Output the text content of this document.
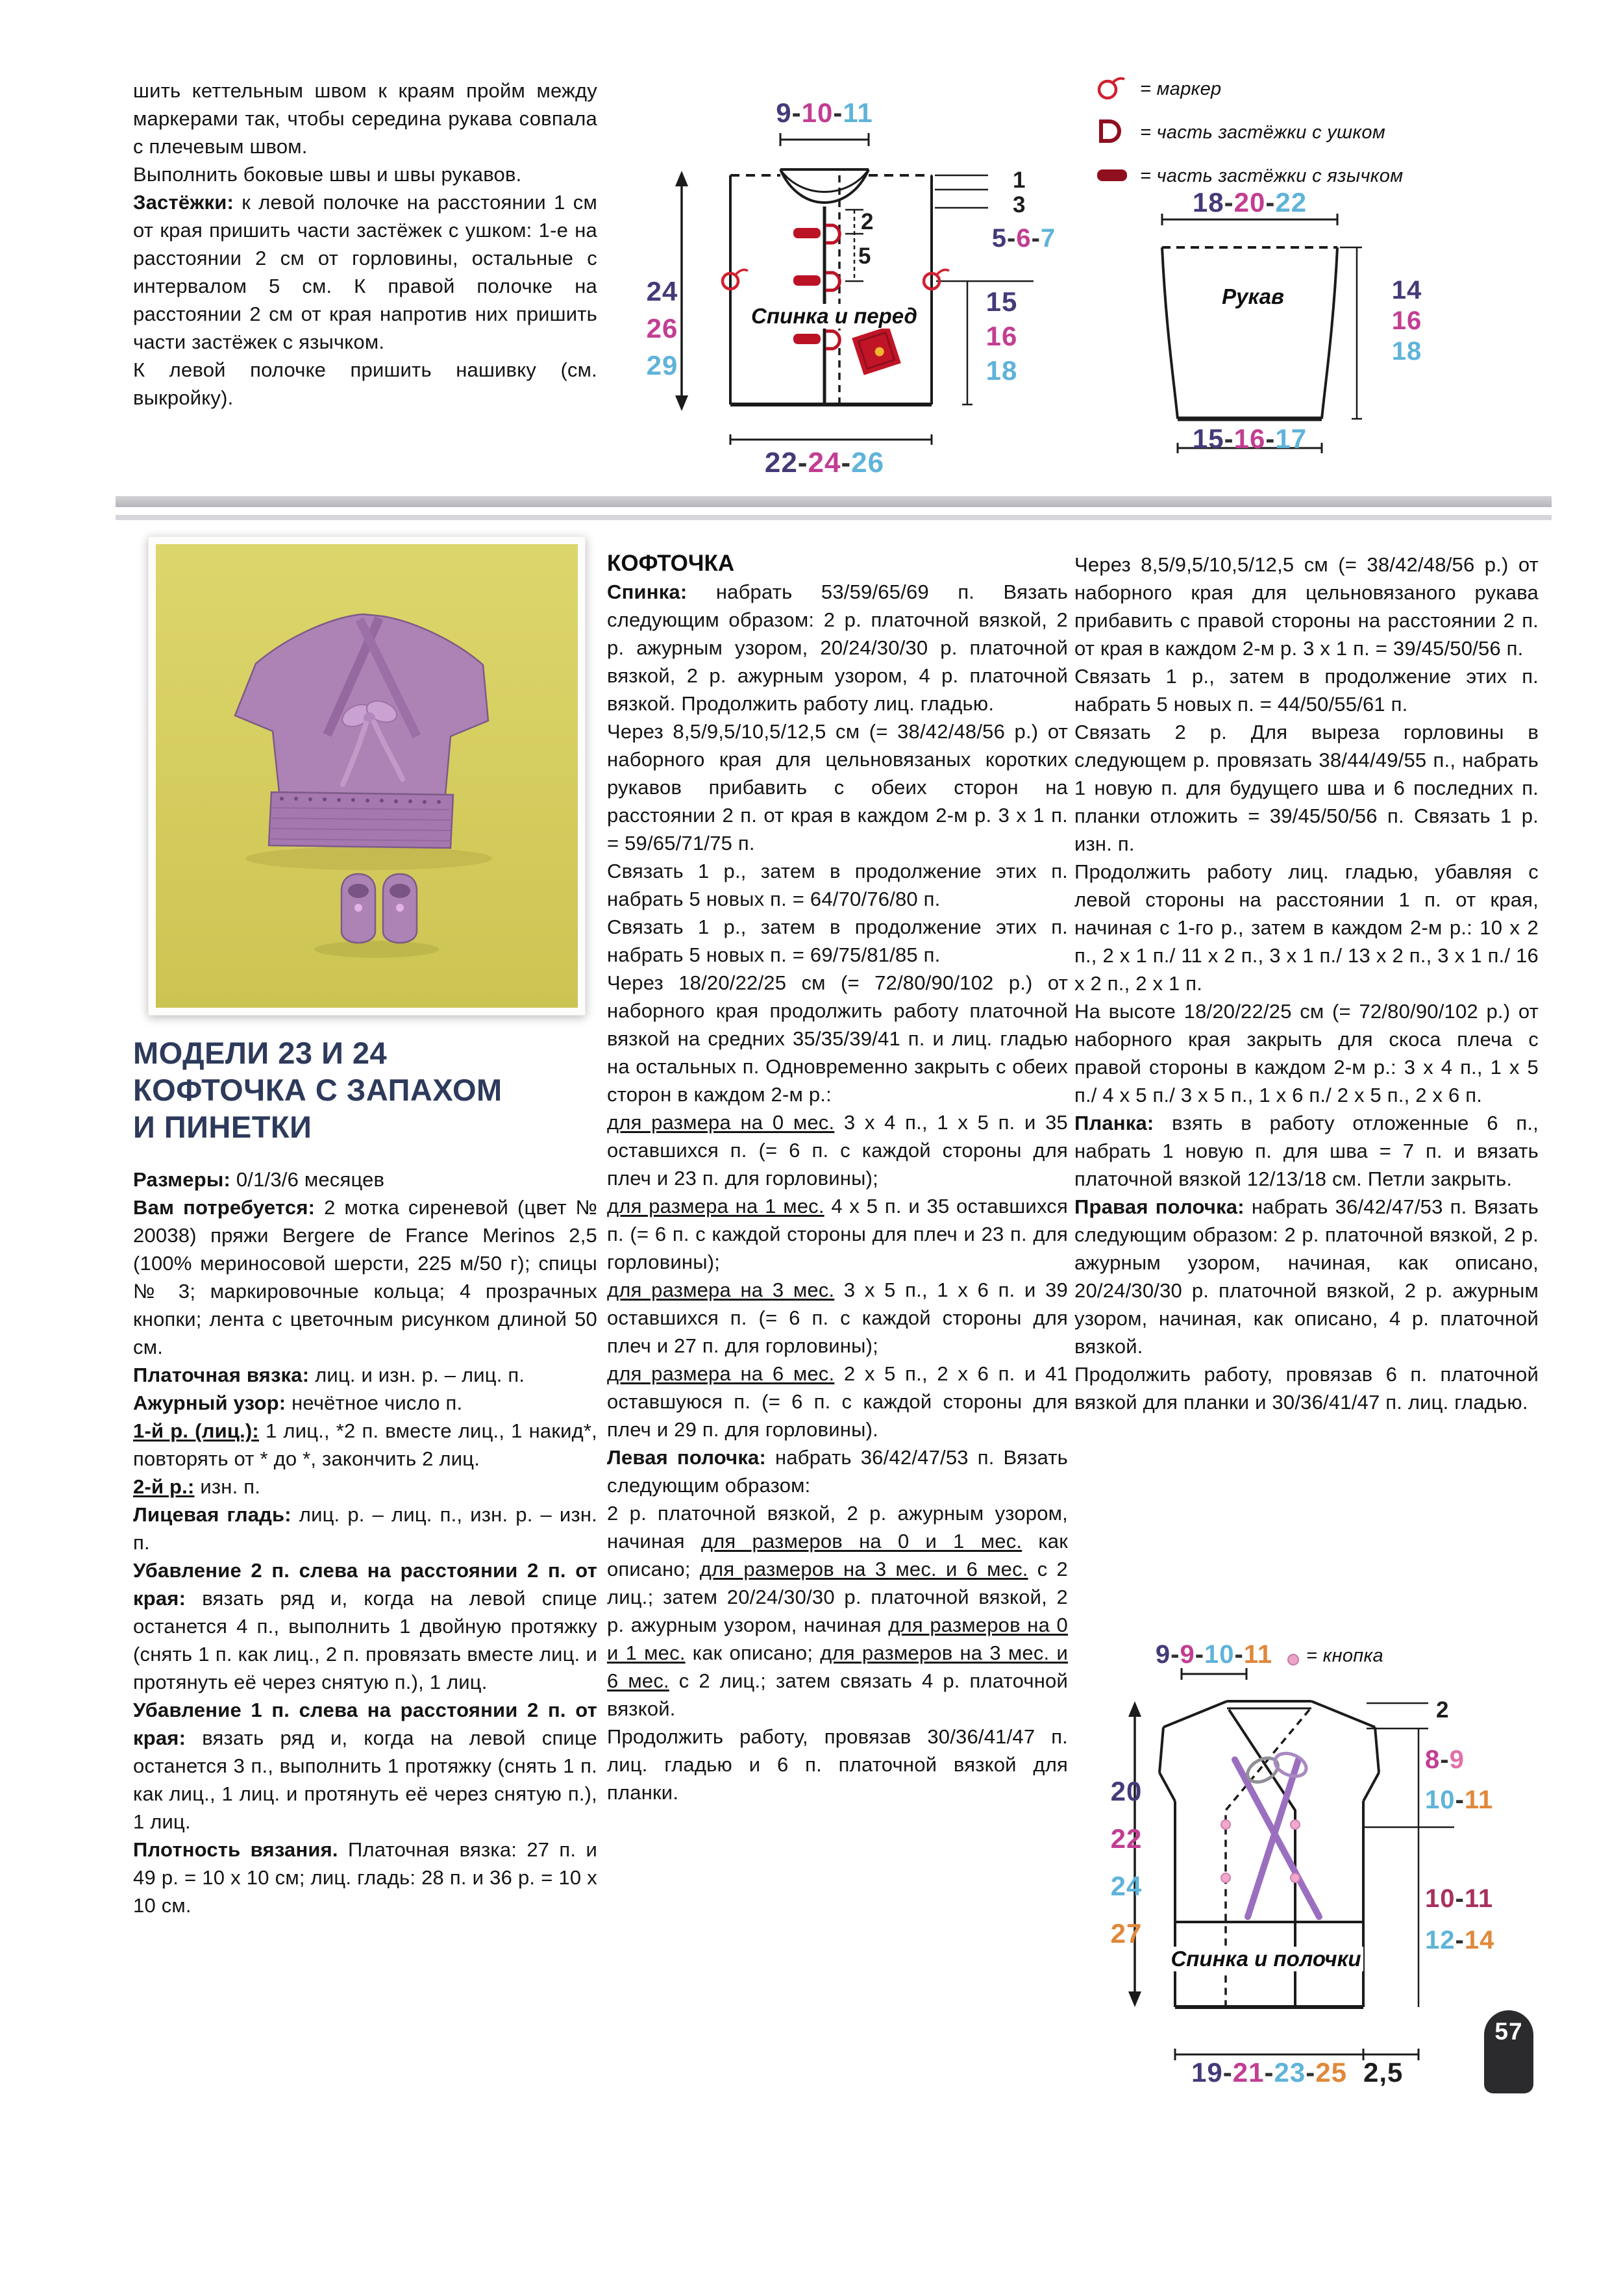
шить кеттельным швом к краям пройм между маркерами так, чтобы середина рукава совпала с плечевым швом.

Выполнить боковые швы и швы рукавов.

Застёжки: к левой полочке на расстоянии 1 см от края пришить части застёжек с ушком: 1-е на расстоянии 2 см от горловины, остальные с интервалом 5 см. К правой полочке на расстоянии 2 см от края напротив них пришить части застёжек с язычком.

К левой полочке пришить нашивку (см. выкройку).

9-10-11
24
26
29
1
3
5-6-7
2
5
15
16
18
22-24-26
Спинка и перед
= маркер
= часть застёжки с ушком
= часть застёжки с язычком
18-20-22
14
16
18
15-16-17
Рукав
МОДЕЛИ 23 И 24
КОФТОЧКА С ЗАПАХОМ
И ПИНЕТКИ

Размеры: 0/1/3/6 месяцев

Вам потребуется: 2 мотка сиреневой (цвет № 20038) пряжи Bergere de France Merinos 2,5 (100% мериносовой шерсти, 225 м/50 г); спицы № 3; маркировочные кольца; 4 прозрачных кнопки; лента с цветочным рисунком длиной 50 см.

Платочная вязка: лиц. и изн. р. – лиц. п.

Ажурный узор: нечётное число п.

1-й р. (лиц.): 1 лиц., *2 п. вместе лиц., 1 накид*, повторять от * до *, закончить 2 лиц.

2-й р.: изн. п.

Лицевая гладь: лиц. р. – лиц. п., изн. р. – изн. п.

Убавление 2 п. слева на расстоянии 2 п. от края: вязать ряд и, когда на левой спице останется 4 п., выполнить 1 двойную протяжку (снять 1 п. как лиц., 2 п. провязать вместе лиц. и протянуть её через снятую п.), 1 лиц.

Убавление 1 п. слева на расстоянии 2 п. от края: вязать ряд и, когда на левой спице останется 3 п., выполнить 1 протяжку (снять 1 п. как лиц., 1 лиц. и протянуть её через снятую п.), 1 лиц.

Плотность вязания. Платочная вязка: 27 п. и 49 р. = 10 х 10 см; лиц. гладь: 28 п. и 36 р. = 10 х 10 см.

КОФТОЧКА

Спинка: набрать 53/59/65/69 п. Вязать следующим образом: 2 р. платочной вязкой, 2 р. ажурным узором, 20/24/30/30 р. платочной вязкой, 2 р. ажурным узором, 4 р. платочной вязкой. Продолжить работу лиц. гладью.

Через 8,5/9,5/10,5/12,5 см (= 38/42/48/56 р.) от наборного края для цельновязаных коротких рукавов прибавить с обеих сторон на расстоянии 2 п. от края в каждом 2-м р. 3 х 1 п. = 59/65/71/75 п.

Связать 1 р., затем в продолжение этих п. набрать 5 новых п. = 64/70/76/80 п.

Связать 1 р., затем в продолжение этих п. набрать 5 новых п. = 69/75/81/85 п.

Через 18/20/22/25 см (= 72/80/90/102 р.) от наборного края продолжить работу платочной вязкой на средних 35/35/39/41 п. и лиц. гладью на остальных п. Одновременно закрыть с обеих сторон в каждом 2-м р.:

для размера на 0 мес. 3 х 4 п., 1 х 5 п. и 35 оставшихся п. (= 6 п. с каждой стороны для плеч и 23 п. для горловины);

для размера на 1 мес. 4 х 5 п. и 35 оставшихся п. (= 6 п. с каждой стороны для плеч и 23 п. для горловины);

для размера на 3 мес. 3 х 5 п., 1 х 6 п. и 39 оставшихся п. (= 6 п. с каждой стороны для плеч и 27 п. для горловины);

для размера на 6 мес. 2 х 5 п., 2 х 6 п. и 41 оставшуюся п. (= 6 п. с каждой стороны для плеч и 29 п. для горловины).

Левая полочка: набрать 36/42/47/53 п. Вязать следующим образом:

2 р. платочной вязкой, 2 р. ажурным узором, начиная для размеров на 0 и 1 мес. как описано; для размеров на 3 мес. и 6 мес. с 2 лиц.; затем 20/24/30/30 р. платочной вязкой, 2 р. ажурным узором, начиная для размеров на 0 и 1 мес. как описано; для размеров на 3 мес. и 6 мес. с 2 лиц.; затем связать 4 р. платочной вязкой.

Продолжить работу, провязав 30/36/41/47 п. лиц. гладью и 6 п. платочной вязкой для планки.

Через 8,5/9,5/10,5/12,5 см (= 38/42/48/56 р.) от наборного края для цельновязаного рукава прибавить с правой стороны на расстоянии 2 п. от края в каждом 2-м р. 3 х 1 п. = 39/45/50/56 п.

Связать 1 р., затем в продолжение этих п. набрать 5 новых п. = 44/50/55/61 п.

Связать 2 р. Для выреза горловины в следующем р. провязать 38/44/49/55 п., набрать 1 новую п. для будущего шва и 6 последних п. планки отложить = 39/45/50/56 п. Связать 1 р. изн. п.

Продолжить работу лиц. гладью, убавляя с левой стороны на расстоянии 1 п. от края, начиная с 1-го р., затем в каждом 2-м р.: 10 х 2 п., 2 х 1 п./ 11 х 2 п., 3 х 1 п./ 13 х 2 п., 3 х 1 п./ 16 х 2 п., 2 х 1 п.

На высоте 18/20/22/25 см (= 72/80/90/102 р.) от наборного края закрыть для скоса плеча с правой стороны в каждом 2-м р.: 3 х 4 п., 1 х 5 п./ 4 х 5 п./ 3 х 5 п., 1 х 6 п./ 2 х 5 п., 2 х 6 п.

Планка: взять в работу отложенные 6 п., набрать 1 новую п. для шва = 7 п. и вязать платочной вязкой 12/13/18 см. Петли закрыть.

Правая полочка: набрать 36/42/47/53 п. Вязать следующим образом: 2 р. платочной вязкой, 2 р. ажурным узором, начиная, как описано, 20/24/30/30 р. платочной вязкой, 2 р. ажурным узором, начиная, как описано, 4 р. платочной вязкой.

Продолжить работу, провязав 6 п. платочной вязкой для планки и 30/36/41/47 п. лиц. гладью.

9-9-10-11	= кнопка
20
22
24
27
2
8-9
10-11
10-11
12-14
19-21-23-25 2,5
Спинка и полочки
57
